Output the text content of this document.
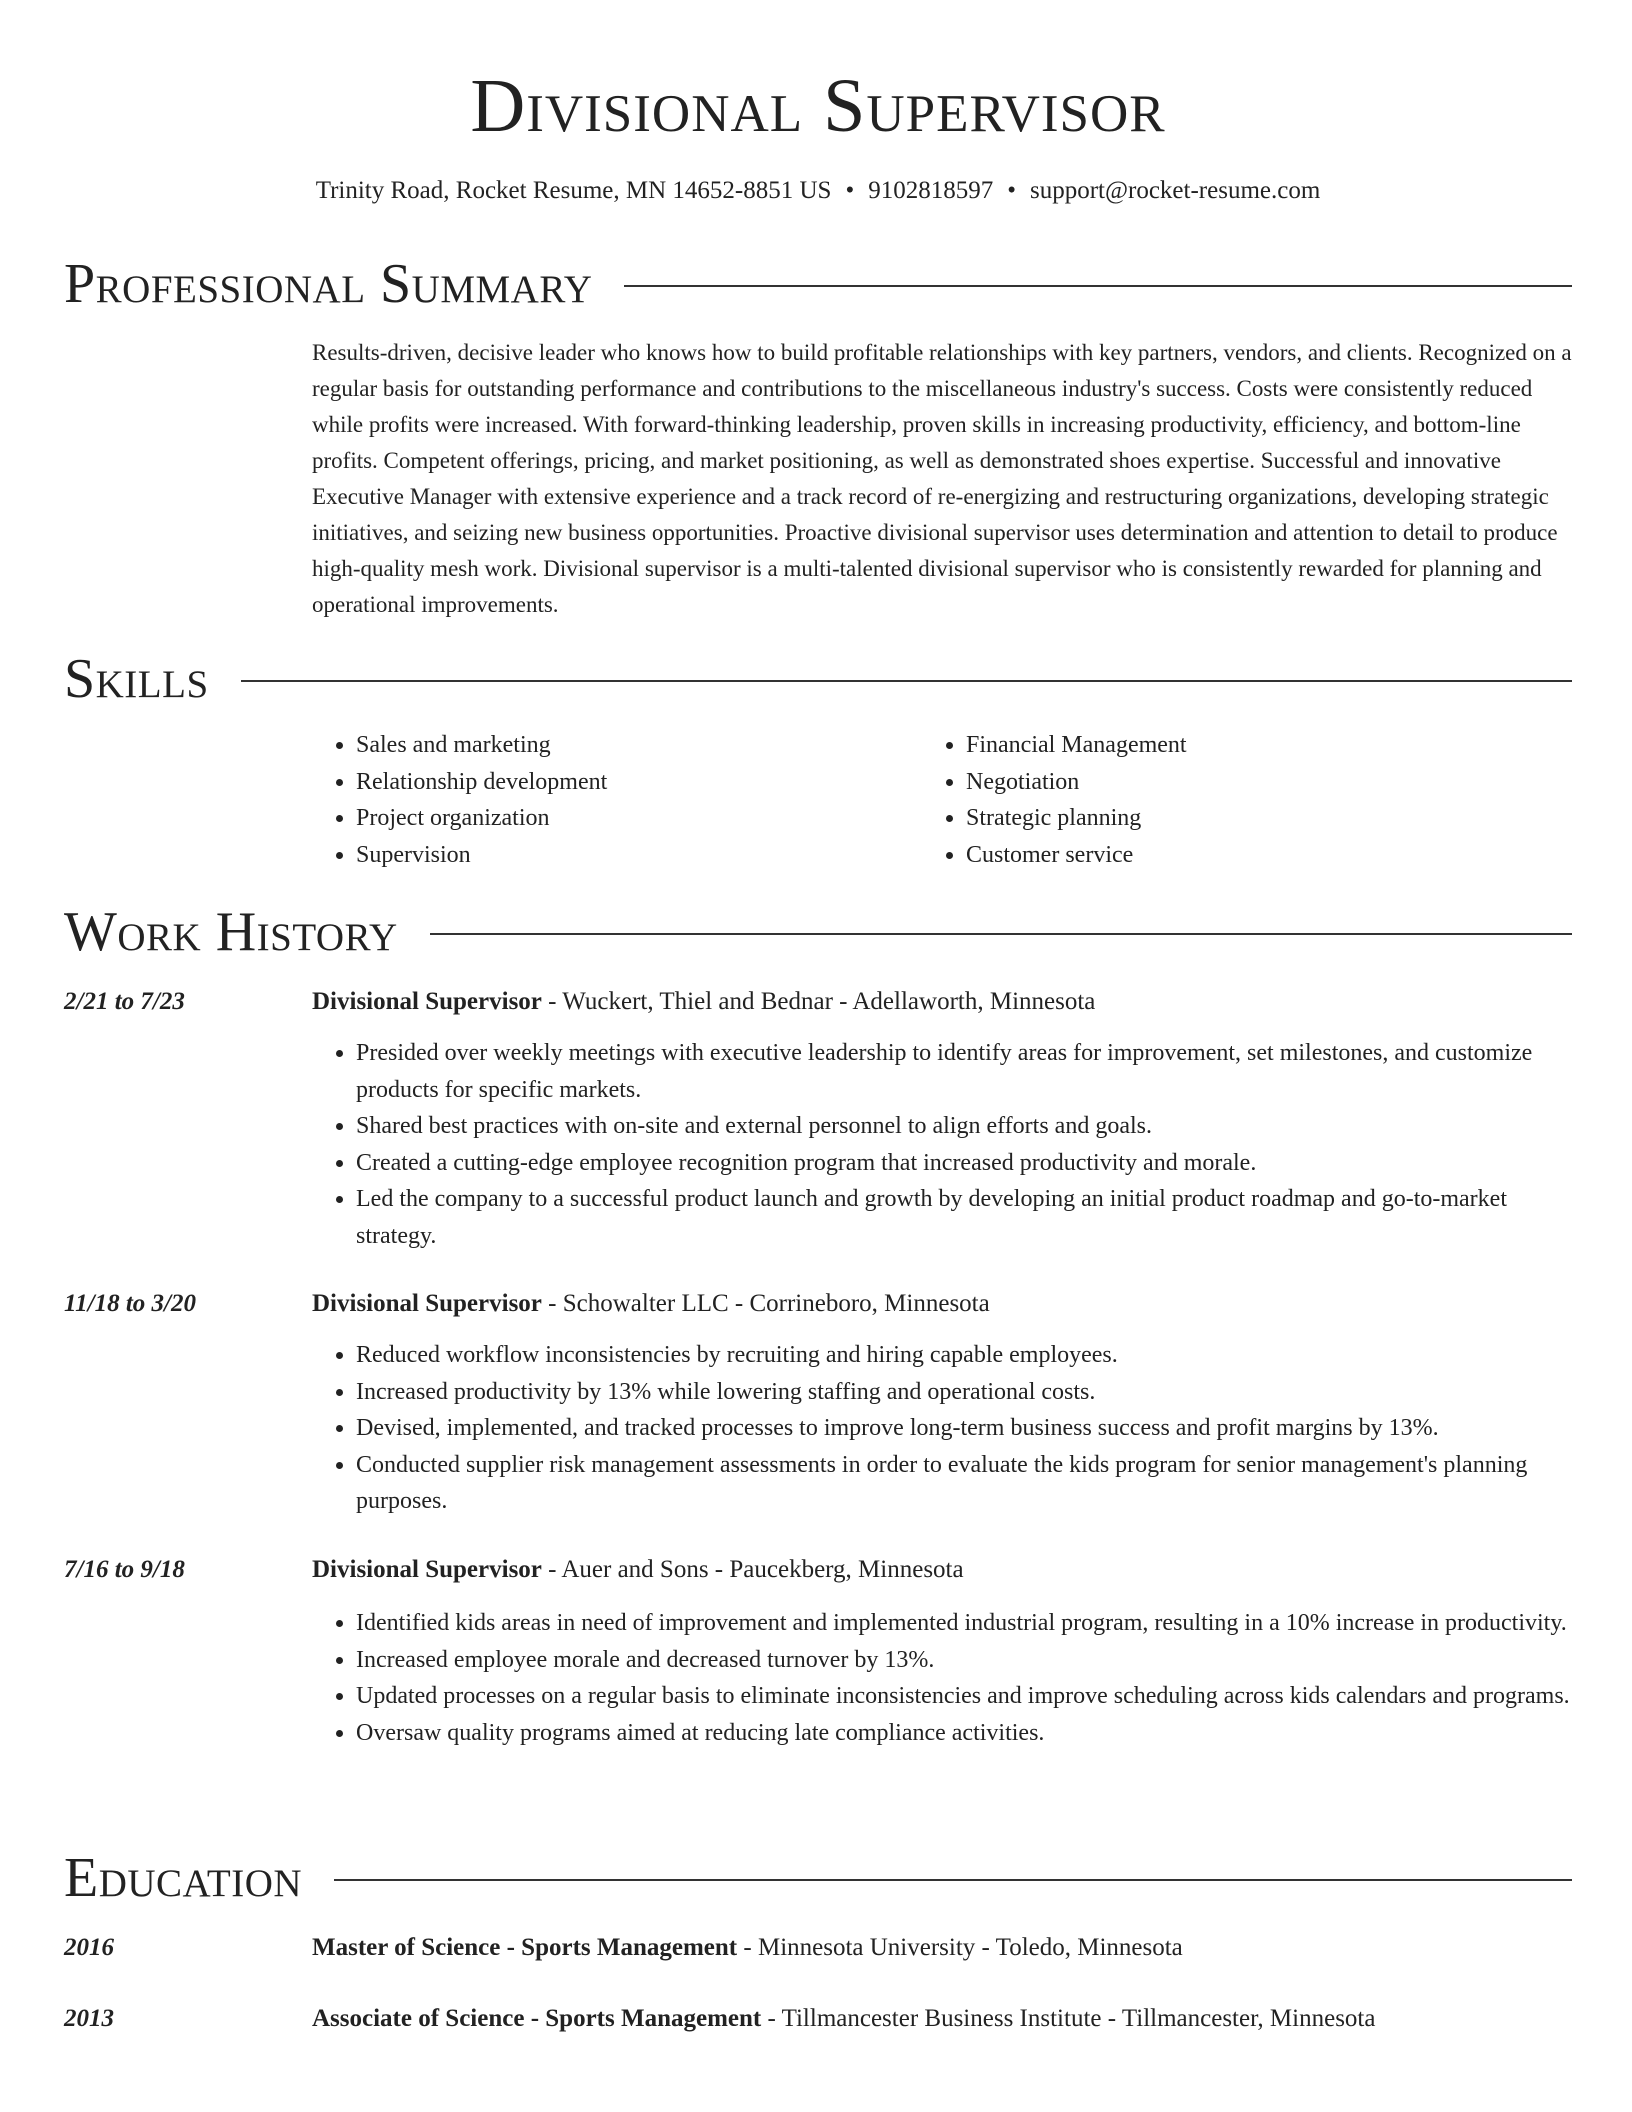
Divisional Supervisor
Trinity Road, Rocket Resume, MN 14652-8851 US • 9102818597 • support@rocket-resume.com
Professional Summary
Results-driven, decisive leader who knows how to build profitable relationships with key partners, vendors, and clients. Recognized on a regular basis for outstanding performance and contributions to the miscellaneous industry's success. Costs were consistently reduced while profits were increased. With forward-thinking leadership, proven skills in increasing productivity, efficiency, and bottom-line profits. Competent offerings, pricing, and market positioning, as well as demonstrated shoes expertise. Successful and innovative Executive Manager with extensive experience and a track record of re-energizing and restructuring organizations, developing strategic initiatives, and seizing new business opportunities. Proactive divisional supervisor uses determination and attention to detail to produce high-quality mesh work. Divisional supervisor is a multi-talented divisional supervisor who is consistently rewarded for planning and operational improvements.
Skills
• Sales and marketing
• Relationship development
• Project organization
• Supervision
• Financial Management
• Negotiation
• Strategic planning
• Customer service
Work History
2/21 to 7/23	Divisional Supervisor - Wuckert, Thiel and Bednar - Adellaworth, Minnesota
• Presided over weekly meetings with executive leadership to identify areas for improvement, set milestones, and customize products for specific markets.
• Shared best practices with on-site and external personnel to align efforts and goals.
• Created a cutting-edge employee recognition program that increased productivity and morale.
• Led the company to a successful product launch and growth by developing an initial product roadmap and go-to-market strategy.
11/18 to 3/20	Divisional Supervisor - Schowalter LLC - Corrineboro, Minnesota
• Reduced workflow inconsistencies by recruiting and hiring capable employees.
• Increased productivity by 13% while lowering staffing and operational costs.
• Devised, implemented, and tracked processes to improve long-term business success and profit margins by 13%.
• Conducted supplier risk management assessments in order to evaluate the kids program for senior management's planning purposes.
7/16 to 9/18	Divisional Supervisor - Auer and Sons - Paucekberg, Minnesota
• Identified kids areas in need of improvement and implemented industrial program, resulting in a 10% increase in productivity.
• Increased employee morale and decreased turnover by 13%.
• Updated processes on a regular basis to eliminate inconsistencies and improve scheduling across kids calendars and programs.
• Oversaw quality programs aimed at reducing late compliance activities.
Education
2016	Master of Science - Sports Management - Minnesota University - Toledo, Minnesota
2013	Associate of Science - Sports Management - Tillmancester Business Institute - Tillmancester, Minnesota
